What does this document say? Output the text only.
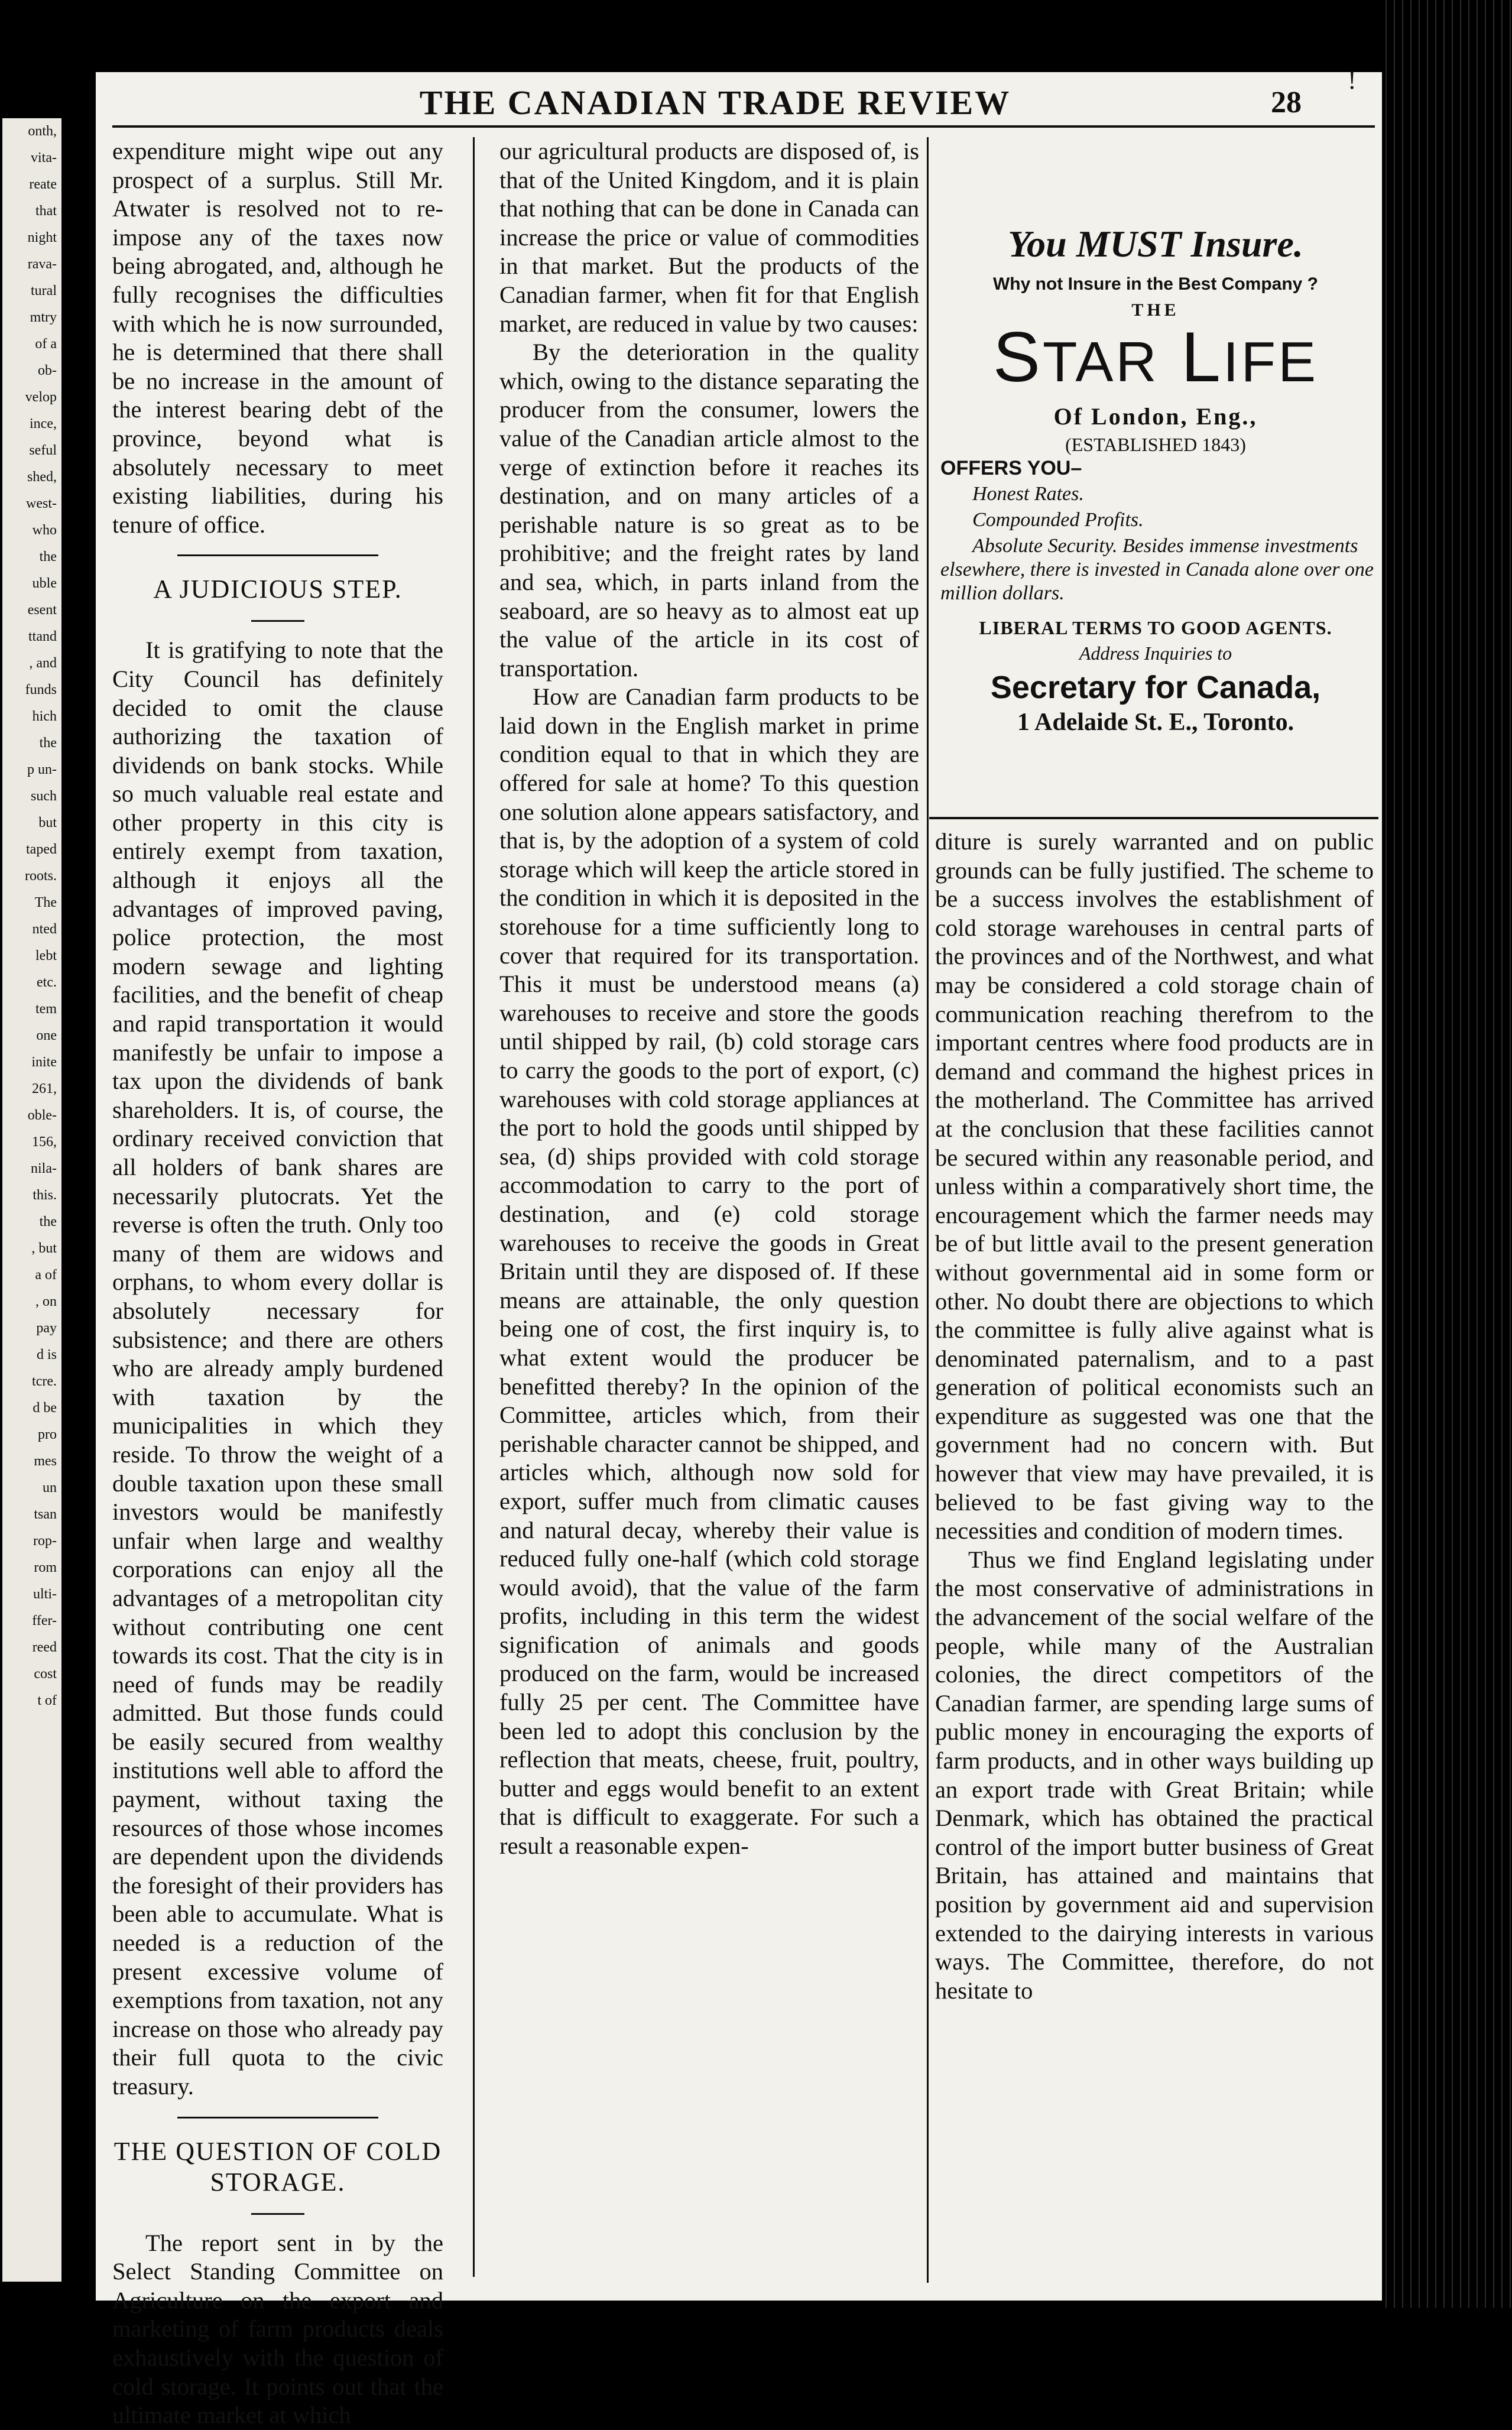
onth,
vita-
reate
that
night
rava-
tural
mtry
of a
ob-
velop
ince,
seful
shed,
west-
who
the
uble
esent
ttand
, and
funds
hich
the
p un-
such
but
taped
roots.
The
nted
lebt
etc.
tem
one
inite
261,
oble-
156,
nila-
this.
the
, but
a of
, on
pay
d is
tcre.
d be
pro
mes
un
tsan
rop-
rom
ulti-
ffer-
reed
cost
t of
THE CANADIAN TRADE REVIEW	28
!

expenditure might wipe out any prospect of a surplus. Still Mr. Atwater is resolved not to re-impose any of the taxes now being abrogated, and, although he fully recognises the difficulties with which he is now surrounded, he is determined that there shall be no increase in the amount of the interest bearing debt of the province, beyond what is absolutely necessary to meet existing liabilities, during his tenure of office.

A JUDICIOUS STEP.

It is gratifying to note that the City Council has definitely decided to omit the clause authorizing the taxation of dividends on bank stocks. While so much valuable real estate and other property in this city is entirely exempt from taxation, although it enjoys all the advantages of improved paving, police protection, the most modern sewage and lighting facilities, and the benefit of cheap and rapid transportation it would manifestly be unfair to impose a tax upon the dividends of bank shareholders. It is, of course, the ordinary received conviction that all holders of bank shares are necessarily plutocrats. Yet the reverse is often the truth. Only too many of them are widows and orphans, to whom every dollar is absolutely necessary for subsistence; and there are others who are already amply burdened with taxation by the municipalities in which they reside. To throw the weight of a double taxation upon these small investors would be manifestly unfair when large and wealthy corporations can enjoy all the advantages of a metropolitan city without contributing one cent towards its cost. That the city is in need of funds may be readily admitted. But those funds could be easily secured from wealthy institutions well able to afford the payment, without taxing the resources of those whose incomes are dependent upon the dividends the foresight of their providers has been able to accumulate. What is needed is a reduction of the present excessive volume of exemptions from taxation, not any increase on those who already pay their full quota to the civic treasury.

THE QUESTION OF COLD STORAGE.

The report sent in by the Select Standing Committee on Agriculture on the export and marketing of farm products deals exhaustively with the question of cold storage. It points out that the ultimate market at which

our agricultural products are disposed of, is that of the United Kingdom, and it is plain that nothing that can be done in Canada can increase the price or value of commodities in that market. But the products of the Canadian farmer, when fit for that English market, are reduced in value by two causes:

By the deterioration in the quality which, owing to the distance separating the producer from the consumer, lowers the value of the Canadian article almost to the verge of extinction before it reaches its destination, and on many articles of a perishable nature is so great as to be prohibitive; and the freight rates by land and sea, which, in parts inland from the seaboard, are so heavy as to almost eat up the value of the article in its cost of transportation.

How are Canadian farm products to be laid down in the English market in prime condition equal to that in which they are offered for sale at home? To this question one solution alone appears satisfactory, and that is, by the adoption of a system of cold storage which will keep the article stored in the condition in which it is deposited in the storehouse for a time sufficiently long to cover that required for its transportation. This it must be understood means (a) warehouses to receive and store the goods until shipped by rail, (b) cold storage cars to carry the goods to the port of export, (c) warehouses with cold storage appliances at the port to hold the goods until shipped by sea, (d) ships provided with cold storage accommodation to carry to the port of destination, and (e) cold storage warehouses to receive the goods in Great Britain until they are disposed of. If these means are attainable, the only question being one of cost, the first inquiry is, to what extent would the producer be benefitted thereby? In the opinion of the Committee, articles which, from their perishable character cannot be shipped, and articles which, although now sold for export, suffer much from climatic causes and natural decay, whereby their value is reduced fully one-half (which cold storage would avoid), that the value of the farm profits, including in this term the widest signification of animals and goods produced on the farm, would be increased fully 25 per cent. The Committee have been led to adopt this conclusion by the reflection that meats, cheese, fruit, poultry, butter and eggs would benefit to an extent that is difficult to exaggerate. For such a result a reasonable expen-

You MUST Insure.
Why not Insure in the Best Company ?
THE
STAR LIFE
Of London, Eng.,
(ESTABLISHED 1843)
OFFERS YOU–
Honest Rates.
Compounded Profits.
Absolute Security. Besides immense investments elsewhere, there is invested in Canada alone over one million dollars.
LIBERAL TERMS TO GOOD AGENTS.
Address Inquiries to
Secretary for Canada,
1 Adelaide St. E., Toronto.

diture is surely warranted and on public grounds can be fully justified. The scheme to be a success involves the establishment of cold storage warehouses in central parts of the provinces and of the Northwest, and what may be considered a cold storage chain of communication reaching therefrom to the important centres where food products are in demand and command the highest prices in the motherland. The Committee has arrived at the conclusion that these facilities cannot be secured within any reasonable period, and unless within a comparatively short time, the encouragement which the farmer needs may be of but little avail to the present generation without governmental aid in some form or other. No doubt there are objections to which the committee is fully alive against what is denominated paternalism, and to a past generation of political economists such an expenditure as suggested was one that the government had no concern with. But however that view may have prevailed, it is believed to be fast giving way to the necessities and condition of modern times.

Thus we find England legislating under the most conservative of administrations in the advancement of the social welfare of the people, while many of the Australian colonies, the direct competitors of the Canadian farmer, are spending large sums of public money in encouraging the exports of farm products, and in other ways building up an export trade with Great Britain; while Denmark, which has obtained the practical control of the import butter business of Great Britain, has attained and maintains that position by government aid and supervision extended to the dairying interests in various ways. The Committee, therefore, do not hesitate to
